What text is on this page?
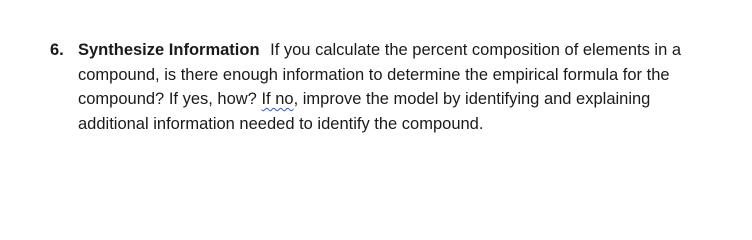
6. Synthesize Information If you calculate the percent composition of elements in a compound, is there enough information to determine the empirical formula for the compound? If yes, how? If no, improve the model by identifying and explaining additional information needed to identify the compound.
